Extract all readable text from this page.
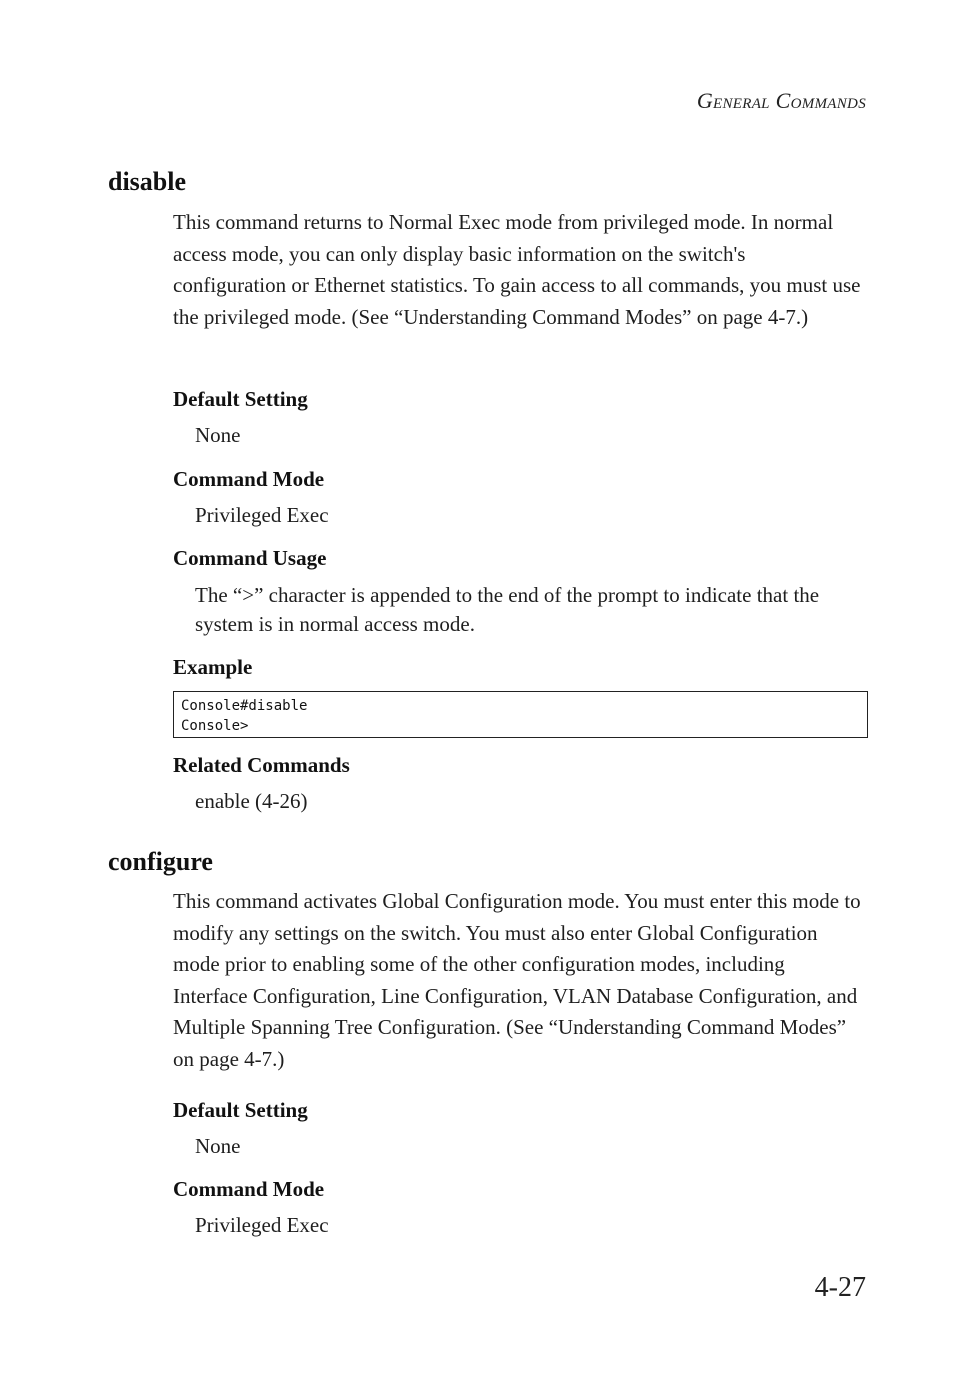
General Commands
disable

This command returns to Normal Exec mode from privileged mode. In normal access mode, you can only display basic information on the switch's configuration or Ethernet statistics. To gain access to all commands, you must use the privileged mode. (See “Understanding Command Modes” on page 4-7.)

Default Setting

None

Command Mode

Privileged Exec

Command Usage

The “>” character is appended to the end of the prompt to indicate that the system is in normal access mode.

Example
Console#disable
Console>
Related Commands

enable (4-26)

configure

This command activates Global Configuration mode. You must enter this mode to modify any settings on the switch. You must also enter Global Configuration mode prior to enabling some of the other configuration modes, including Interface Configuration, Line Configuration, VLAN Database Configuration, and Multiple Spanning Tree Configuration. (See “Understanding Command Modes” on page 4-7.)

Default Setting

None

Command Mode

Privileged Exec

4-27
